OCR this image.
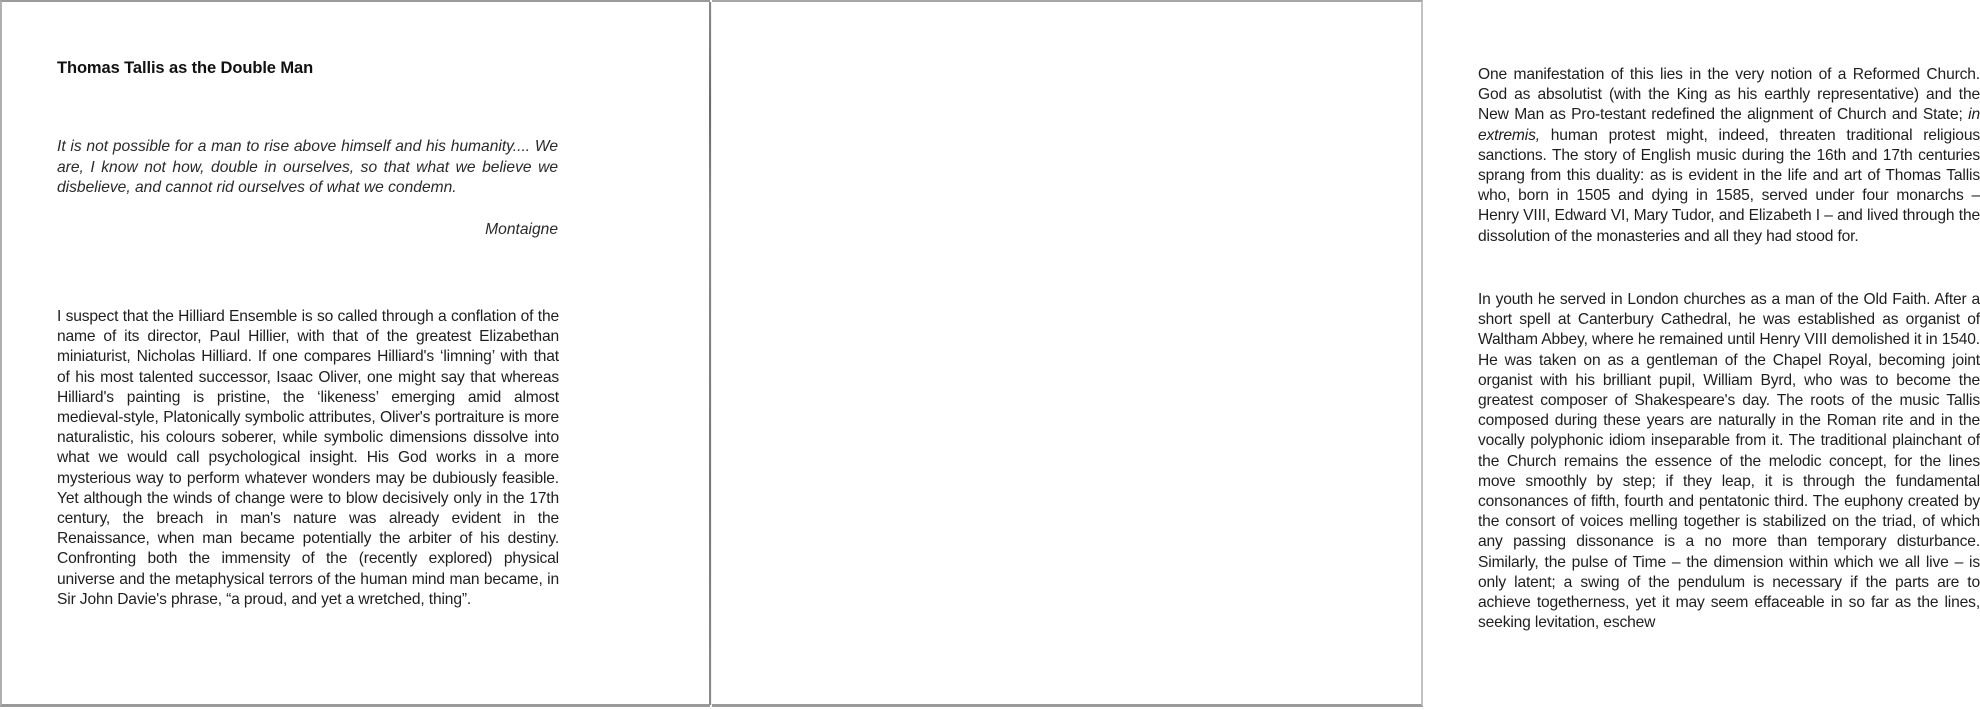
Thomas Tallis as the Double Man

It is not possible for a man to rise above himself and his humanity.... We are, I know not how, double in ourselves, so that what we believe we disbelieve, and cannot rid ourselves of what we condemn.

Montaigne

I suspect that the Hilliard Ensemble is so called through a conflation of the name of its director, Paul Hillier, with that of the greatest Elizabethan miniaturist, Nicholas Hilliard. If one compares Hilliard's ‘limning’ with that of his most talented successor, Isaac Oliver, one might say that whereas Hilliard's painting is pristine, the ‘likeness’ emerging amid almost medieval-style, Platonically symbolic attributes, Oliver's portraiture is more naturalistic, his colours soberer, while symbolic dimensions dissolve into what we would call psychological insight. His God works in a more mysterious way to perform whatever wonders may be dubiously feasible. Yet although the winds of change were to blow decisively only in the 17th century, the breach in man's nature was already evident in the Renaissance, when man became potentially the arbiter of his destiny. Confronting both the immensity of the (recently explored) physical universe and the metaphysical terrors of the human mind man became, in Sir John Davie's phrase, “a proud, and yet a wretched, thing”.

One manifestation of this lies in the very notion of a Reformed Church. God as absolutist (with the King as his earthly representative) and the New Man as Pro-testant redefined the alignment of Church and State; in extremis, human protest might, indeed, threaten traditional religious sanctions. The story of English music during the 16th and 17th centuries sprang from this duality: as is evident in the life and art of Thomas Tallis who, born in 1505 and dying in 1585, served under four monarchs – Henry VIII, Edward VI, Mary Tudor, and Elizabeth I – and lived through the dissolution of the monasteries and all they had stood for.

In youth he served in London churches as a man of the Old Faith. After a short spell at Canterbury Cathedral, he was established as organist of Waltham Abbey, where he remained until Henry VIII demolished it in 1540. He was taken on as a gentleman of the Chapel Royal, becoming joint organist with his brilliant pupil, William Byrd, who was to become the greatest composer of Shakespeare's day. The roots of the music Tallis composed during these years are naturally in the Roman rite and in the vocally polyphonic idiom inseparable from it. The traditional plainchant of the Church remains the essence of the melodic concept, for the lines move smoothly by step; if they leap, it is through the fundamental consonances of fifth, fourth and pentatonic third. The euphony created by the consort of voices melling together is stabilized on the triad, of which any passing dissonance is a no more than temporary disturbance. Similarly, the pulse of Time – the dimension within which we all live – is only latent; a swing of the pendulum is necessary if the parts are to achieve togetherness, yet it may seem effaceable in so far as the lines, seeking levitation, eschew
